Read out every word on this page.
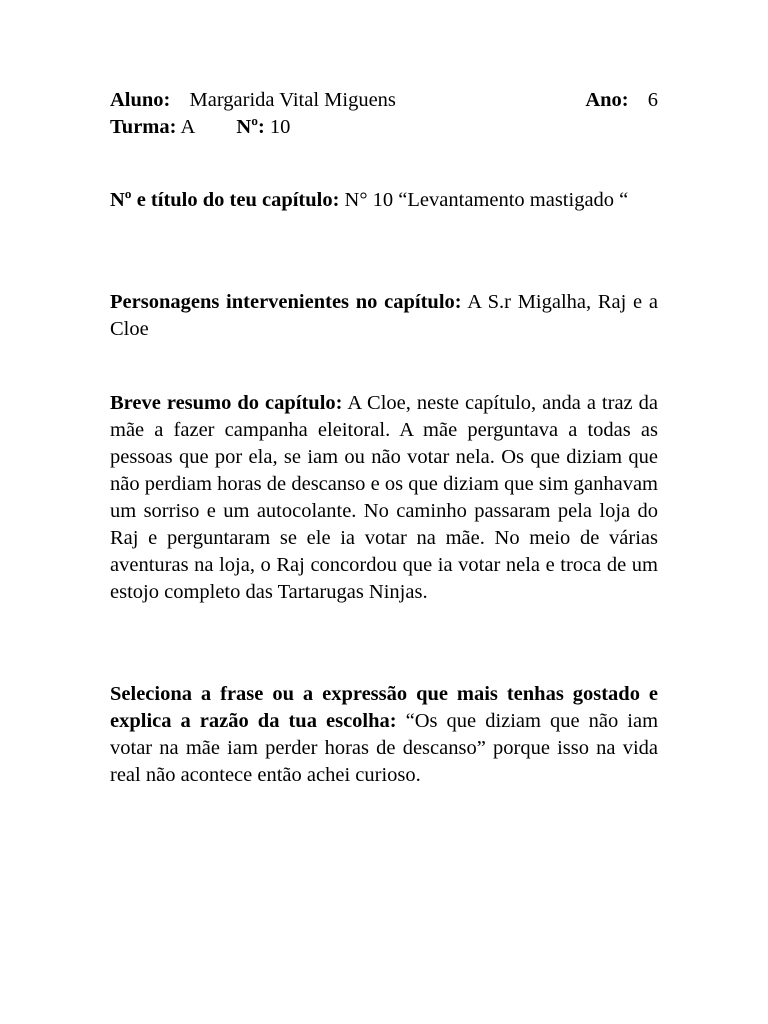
Aluno: Margarida Vital Miguens	Ano: 6
Turma: A Nº: 10

Nº e título do teu capítulo: N° 10 “Levantamento mastigado “

Personagens intervenientes no capítulo: A S.r Migalha, Raj e a Cloe

Breve resumo do capítulo: A Cloe, neste capítulo, anda a traz da mãe a fazer campanha eleitoral. A mãe perguntava a todas as pessoas que por ela, se iam ou não votar nela. Os que diziam que não perdiam horas de descanso e os que diziam que sim ganhavam um sorriso e um autocolante. No caminho passaram pela loja do Raj e perguntaram se ele ia votar na mãe. No meio de várias aventuras na loja, o Raj concordou que ia votar nela e troca de um estojo completo das Tartarugas Ninjas.

Seleciona a frase ou a expressão que mais tenhas gostado e explica a razão da tua escolha: “Os que diziam que não iam votar na mãe iam perder horas de descanso” porque isso na vida real não acontece então achei curioso.
